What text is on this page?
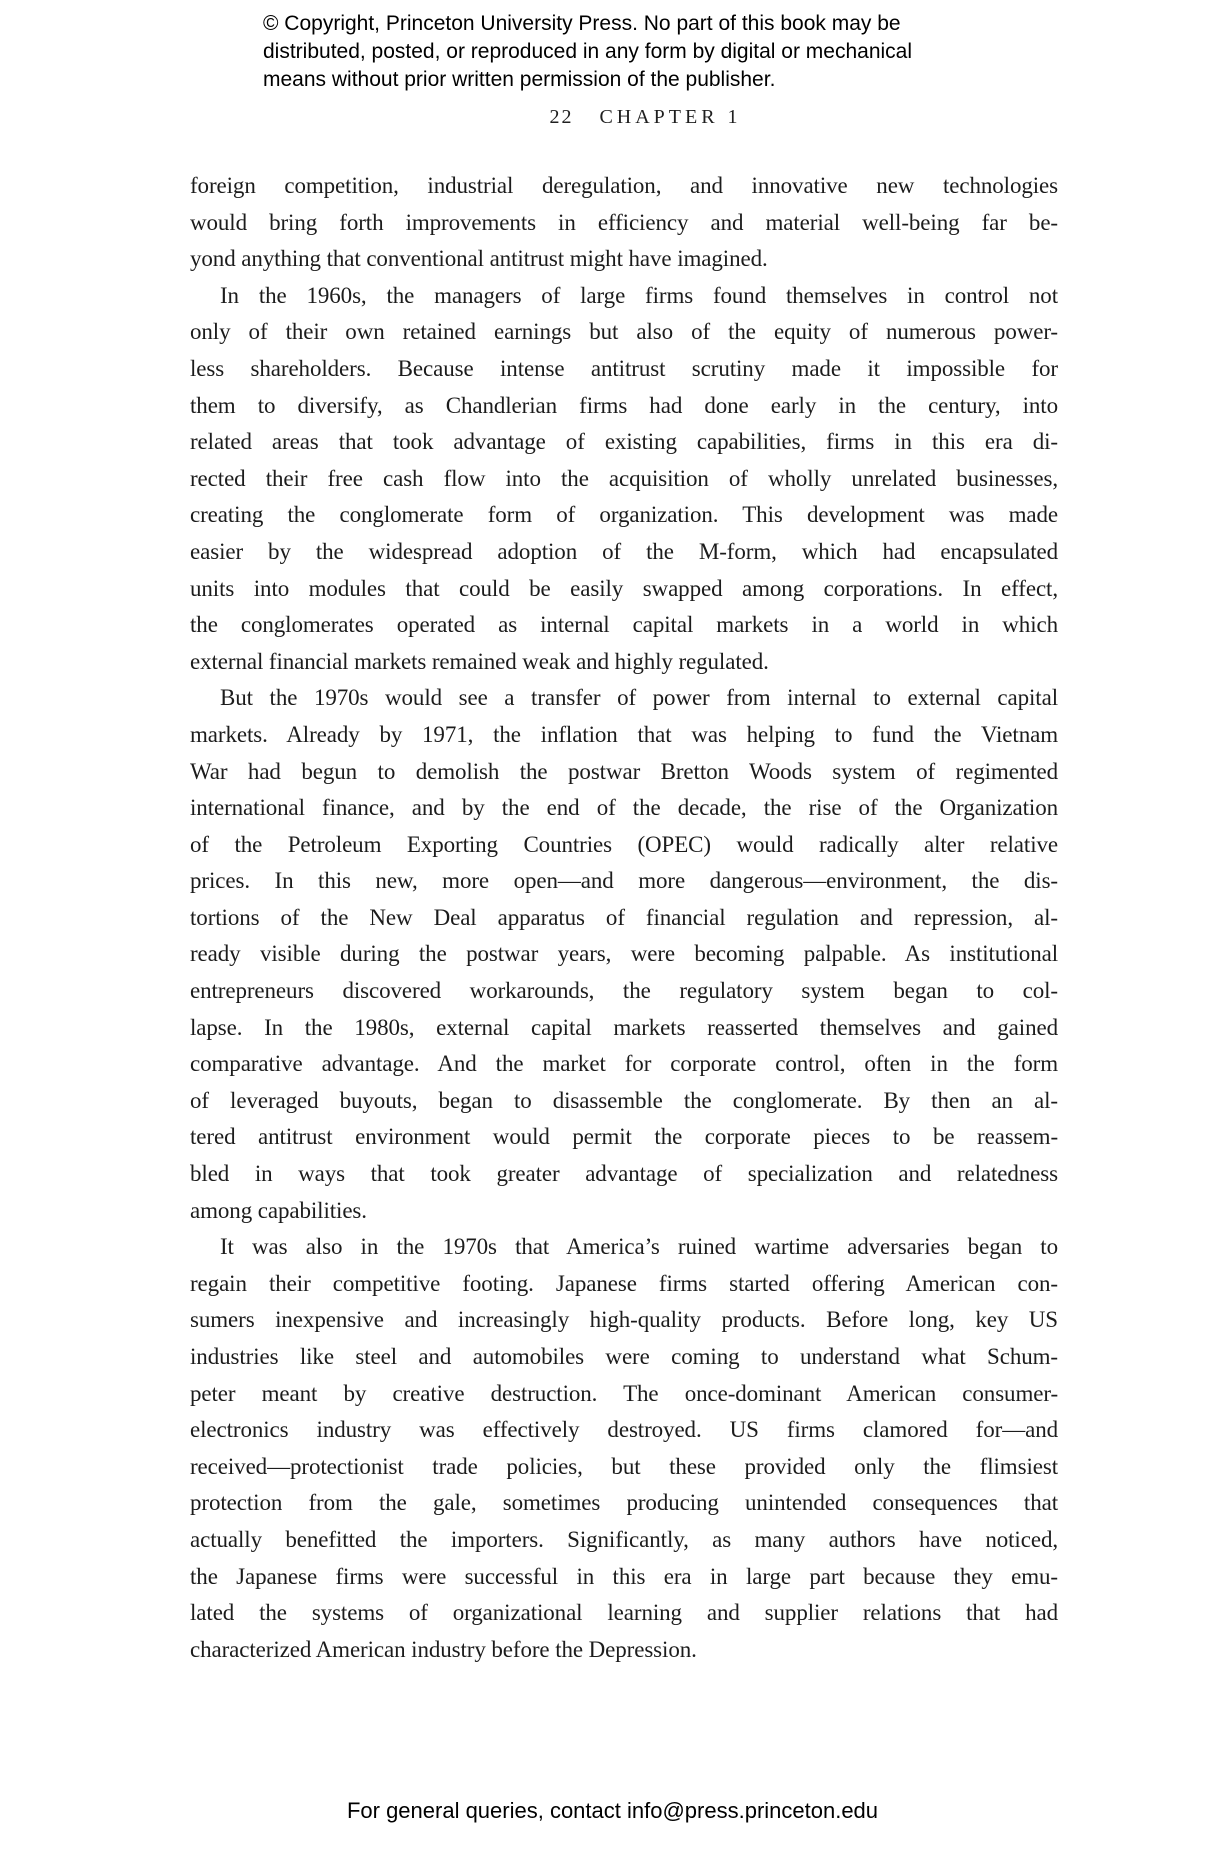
© Copyright, Princeton University Press. No part of this book may be
distributed, posted, or reproduced in any form by digital or mechanical
means without prior written permission of the publisher.
22 CHAPTER 1
foreign competition, industrial deregulation, and innovative new technologies
would bring forth improvements in efficiency and material well-being far be-
yond anything that conventional antitrust might have imagined.
In the 1960s, the managers of large firms found themselves in control not
only of their own retained earnings but also of the equity of numerous power-
less shareholders. Because intense antitrust scrutiny made it impossible for
them to diversify, as Chandlerian firms had done early in the century, into
related areas that took advantage of existing capabilities, firms in this era di-
rected their free cash flow into the acquisition of wholly unrelated businesses,
creating the conglomerate form of organization. This development was made
easier by the widespread adoption of the M-form, which had encapsulated
units into modules that could be easily swapped among corporations. In effect,
the conglomerates operated as internal capital markets in a world in which
external financial markets remained weak and highly regulated.
But the 1970s would see a transfer of power from internal to external capital
markets. Already by 1971, the inflation that was helping to fund the Vietnam
War had begun to demolish the postwar Bretton Woods system of regimented
international finance, and by the end of the decade, the rise of the Organization
of the Petroleum Exporting Countries (OPEC) would radically alter relative
prices. In this new, more open—and more dangerous—environment, the dis-
tortions of the New Deal apparatus of financial regulation and repression, al-
ready visible during the postwar years, were becoming palpable. As institutional
entrepreneurs discovered workarounds, the regulatory system began to col-
lapse. In the 1980s, external capital markets reasserted themselves and gained
comparative advantage. And the market for corporate control, often in the form
of leveraged buyouts, began to disassemble the conglomerate. By then an al-
tered antitrust environment would permit the corporate pieces to be reassem-
bled in ways that took greater advantage of specialization and relatedness
among capabilities.
It was also in the 1970s that America’s ruined wartime adversaries began to
regain their competitive footing. Japanese firms started offering American con-
sumers inexpensive and increasingly high-quality products. Before long, key US
industries like steel and automobiles were coming to understand what Schum-
peter meant by creative destruction. The once-dominant American consumer-
electronics industry was effectively destroyed. US firms clamored for—and
received—protectionist trade policies, but these provided only the flimsiest
protection from the gale, sometimes producing unintended consequences that
actually benefitted the importers. Significantly, as many authors have noticed,
the Japanese firms were successful in this era in large part because they emu-
lated the systems of organizational learning and supplier relations that had
characterized American industry before the Depression.
For general queries, contact info@press.princeton.edu
